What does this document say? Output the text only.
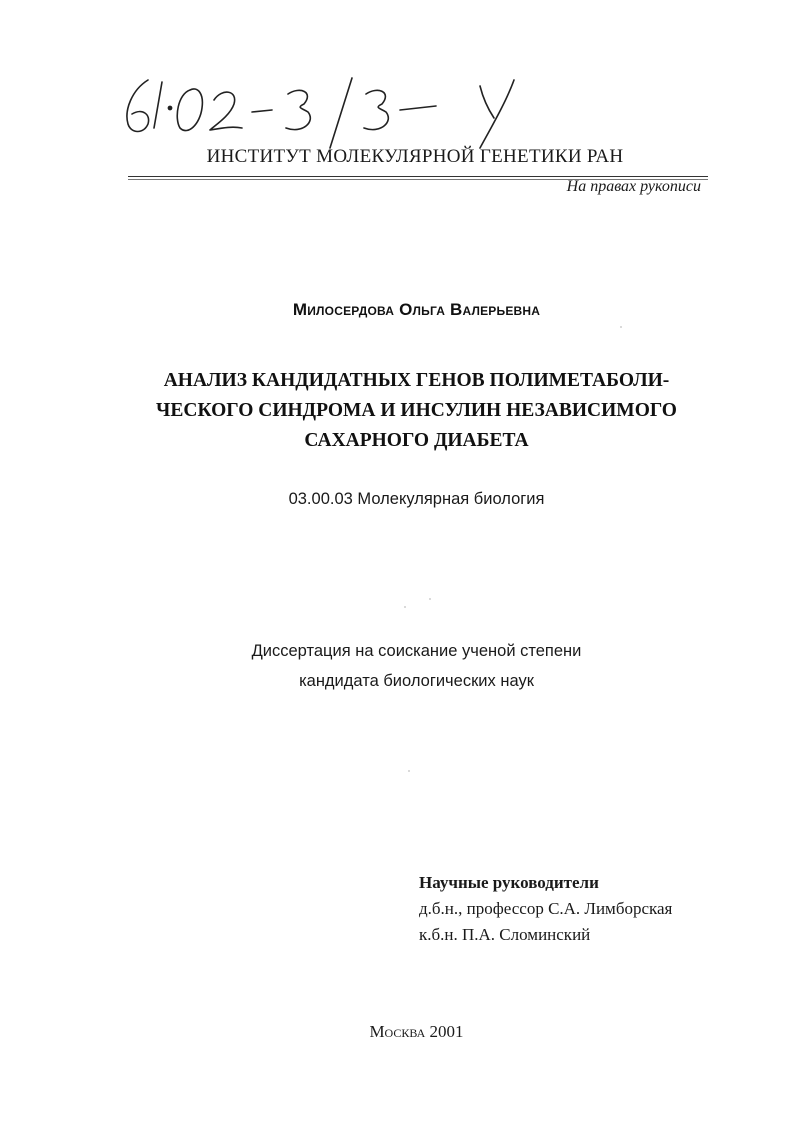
ИНСТИТУТ МОЛЕКУЛЯРНОЙ ГЕНЕТИКИ РАН
На правах рукописи
Милосердова Ольга Валерьевна
АНАЛИЗ КАНДИДАТНЫХ ГЕНОВ ПОЛИМЕТАБОЛИ-
ЧЕСКОГО СИНДРОМА И ИНСУЛИН НЕЗАВИСИМОГО
САХАРНОГО ДИАБЕТА
03.00.03 Молекулярная биология
Диссертация на соискание ученой степени
кандидата биологических наук
Научные руководители
д.б.н., профессор С.А. Лимборская
к.б.н. П.А. Сломинский
Москва 2001
